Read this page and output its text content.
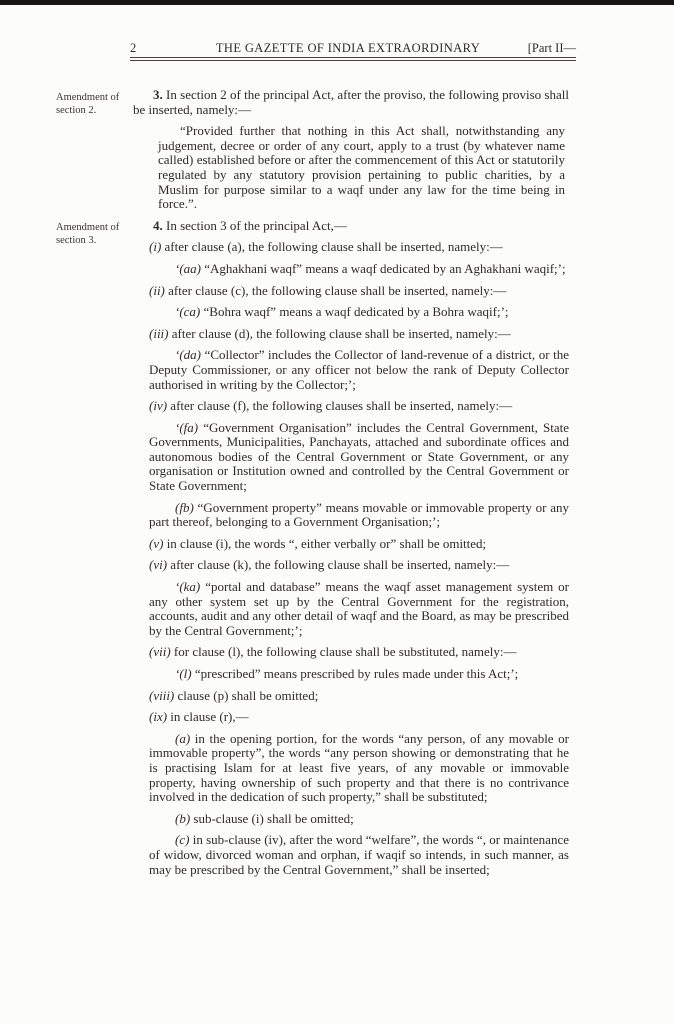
2	THE GAZETTE OF INDIA EXTRAORDINARY	[Part II—
Amendment of section 2.
Amendment of section 3.

3. In section 2 of the principal Act, after the proviso, the following proviso shall be inserted, namely:—

“Provided further that nothing in this Act shall, notwithstanding any judgement, decree or order of any court, apply to a trust (by whatever name called) established before or after the commencement of this Act or statutorily regulated by any statutory provision pertaining to public charities, by a Muslim for purpose similar to a waqf under any law for the time being in force.”.

4. In section 3 of the principal Act,—

(i) after clause (a), the following clause shall be inserted, namely:—

‘(aa) “Aghakhani waqf” means a waqf dedicated by an Aghakhani waqif;’;

(ii) after clause (c), the following clause shall be inserted, namely:—

‘(ca) “Bohra waqf” means a waqf dedicated by a Bohra waqif;’;

(iii) after clause (d), the following clause shall be inserted, namely:—

‘(da) “Collector” includes the Collector of land-revenue of a district, or the Deputy Commissioner, or any officer not below the rank of Deputy Collector authorised in writing by the Collector;’;

(iv) after clause (f), the following clauses shall be inserted, namely:—

‘(fa) “Government Organisation” includes the Central Government, State Governments, Municipalities, Panchayats, attached and subordinate offices and autonomous bodies of the Central Government or State Government, or any organisation or Institution owned and controlled by the Central Government or State Government;

(fb) “Government property” means movable or immovable property or any part thereof, belonging to a Government Organisation;’;

(v) in clause (i), the words “, either verbally or” shall be omitted;

(vi) after clause (k), the following clause shall be inserted, namely:—

‘(ka) “portal and database” means the waqf asset management system or any other system set up by the Central Government for the registration, accounts, audit and any other detail of waqf and the Board, as may be prescribed by the Central Government;’;

(vii) for clause (l), the following clause shall be substituted, namely:—

‘(l) “prescribed” means prescribed by rules made under this Act;’;

(viii) clause (p) shall be omitted;

(ix) in clause (r),—

(a) in the opening portion, for the words “any person, of any movable or immovable property”, the words “any person showing or demonstrating that he is practising Islam for at least five years, of any movable or immovable property, having ownership of such property and that there is no contrivance involved in the dedication of such property,” shall be substituted;

(b) sub-clause (i) shall be omitted;

(c) in sub-clause (iv), after the word “welfare”, the words “, or maintenance of widow, divorced woman and orphan, if waqif so intends, in such manner, as may be prescribed by the Central Government,” shall be inserted;
